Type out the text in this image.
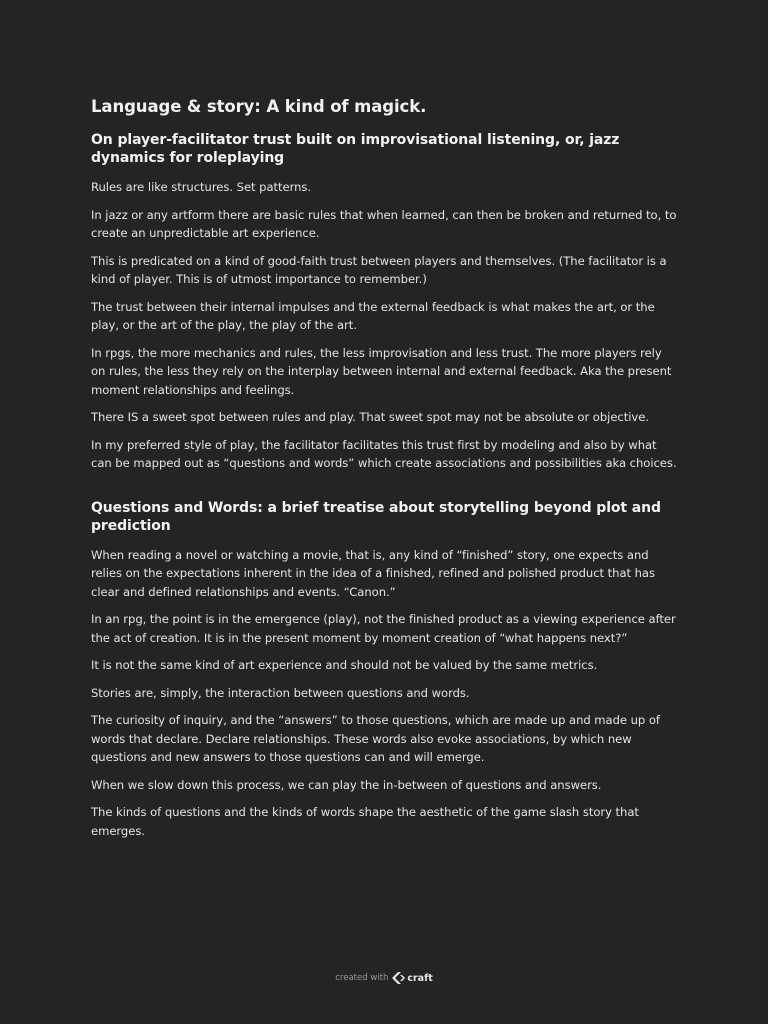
Language & story: A kind of magick.
On player-facilitator trust built on improvisational listening, or, jazz dynamics for roleplaying

Rules are like structures. Set patterns.

In jazz or any artform there are basic rules that when learned, can then be broken and returned to, to create an unpredictable art experience.

This is predicated on a kind of good-faith trust between players and themselves. (The facilitator is a kind of player. This is of utmost importance to remember.)

The trust between their internal impulses and the external feedback is what makes the art, or the play, or the art of the play, the play of the art.

In rpgs, the more mechanics and rules, the less improvisation and less trust. The more players rely on rules, the less they rely on the interplay between internal and external feedback. Aka the present moment relationships and feelings.

There IS a sweet spot between rules and play. That sweet spot may not be absolute or objective.

In my preferred style of play, the facilitator facilitates this trust first by modeling and also by what can be mapped out as “questions and words” which create associations and possibilities aka choices.

Questions and Words: a brief treatise about storytelling beyond plot and prediction

When reading a novel or watching a movie, that is, any kind of “finished” story, one expects and relies on the expectations inherent in the idea of a finished, refined and polished product that has clear and defined relationships and events. “Canon.”

In an rpg, the point is in the emergence (play), not the finished product as a viewing experience after the act of creation. It is in the present moment by moment creation of “what happens next?”

It is not the same kind of art experience and should not be valued by the same metrics.

Stories are, simply, the interaction between questions and words.

The curiosity of inquiry, and the “answers” to those questions, which are made up and made up of words that declare. Declare relationships. These words also evoke associations, by which new questions and new answers to those questions can and will emerge.

When we slow down this process, we can play the in-between of questions and answers.

The kinds of questions and the kinds of words shape the aesthetic of the game slash story that emerges.

created with craft
